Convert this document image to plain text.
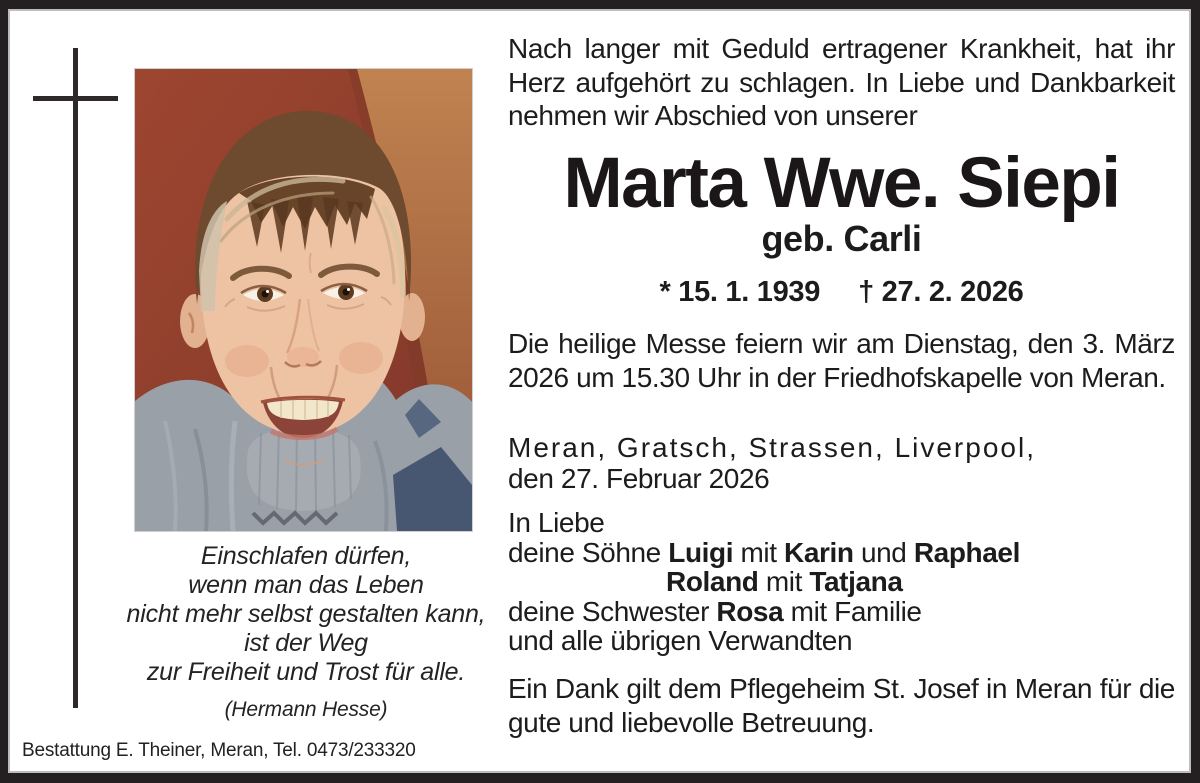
Einschlafen dürfen,
wenn man das Leben
nicht mehr selbst gestalten kann,
ist der Weg
zur Freiheit und Trost für alle.
(Hermann Hesse)
Bestattung E. Theiner, Meran, Tel. 0473/233320

Nach langer mit Geduld ertragener Krankheit, hat ihr Herz aufgehört zu schlagen. In Liebe und Dankbarkeit nehmen wir Abschied von unserer

Marta Wwe. Siepi
geb. Carli
* 15. 1. 1939 † 27. 2. 2026

Die heilige Messe feiern wir am Dienstag, den 3. März 2026 um 15.30 Uhr in der Friedhofskapelle von Meran.

Meran, Gratsch, Strassen, Liverpool,
den 27. Februar 2026
In Liebe
deine Söhne Luigi mit Karin und Raphael
Roland mit Tatjana
deine Schwester Rosa mit Familie
und alle übrigen Verwandten

Ein Dank gilt dem Pflegeheim St. Josef in Meran für die gute und liebevolle Betreuung.
